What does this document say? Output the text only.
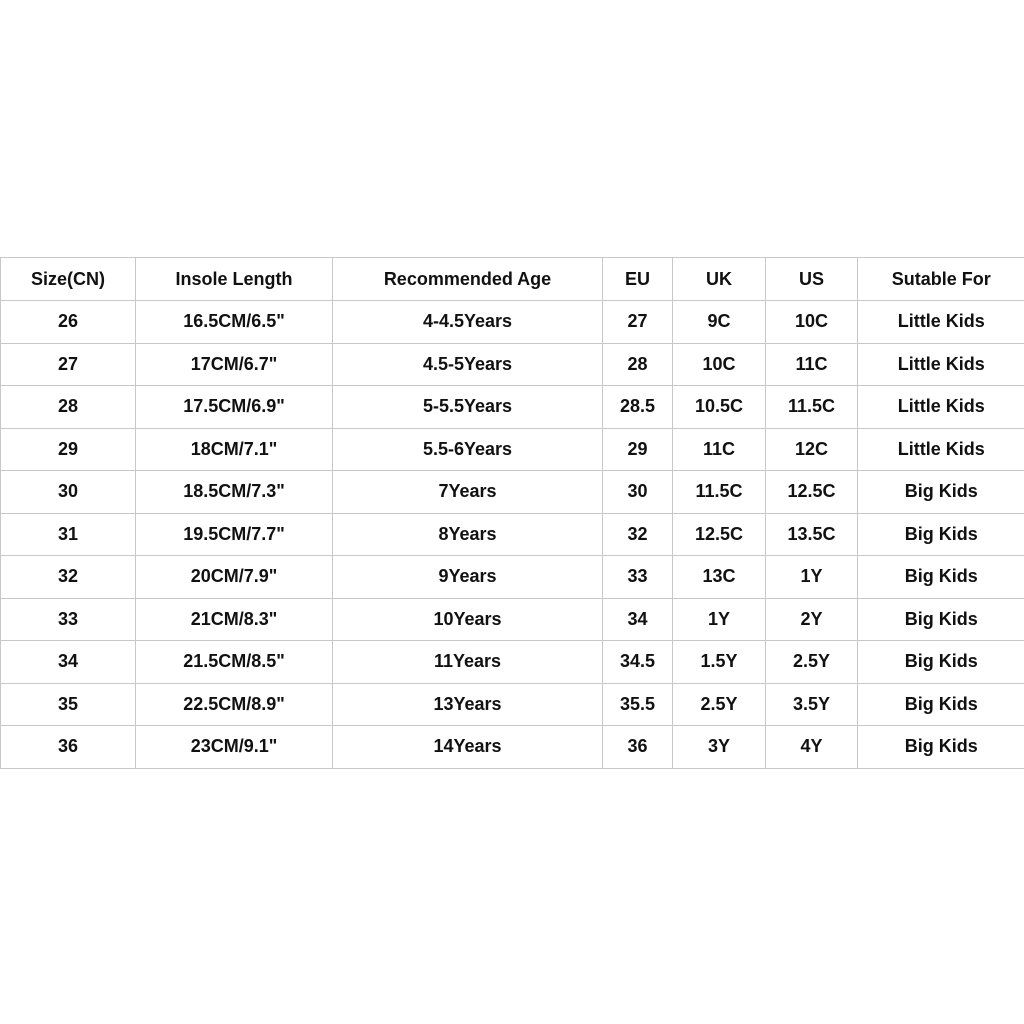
Size(CN)	Insole Length	Recommended Age	EU	UK	US	Sutable For
26	16.5CM/6.5"	4-4.5Years	27	9C	10C	Little Kids
27	17CM/6.7"	4.5-5Years	28	10C	11C	Little Kids
28	17.5CM/6.9"	5-5.5Years	28.5	10.5C	11.5C	Little Kids
29	18CM/7.1"	5.5-6Years	29	11C	12C	Little Kids
30	18.5CM/7.3"	7Years	30	11.5C	12.5C	Big Kids
31	19.5CM/7.7"	8Years	32	12.5C	13.5C	Big Kids
32	20CM/7.9"	9Years	33	13C	1Y	Big Kids
33	21CM/8.3"	10Years	34	1Y	2Y	Big Kids
34	21.5CM/8.5"	11Years	34.5	1.5Y	2.5Y	Big Kids
35	22.5CM/8.9"	13Years	35.5	2.5Y	3.5Y	Big Kids
36	23CM/9.1"	14Years	36	3Y	4Y	Big Kids
